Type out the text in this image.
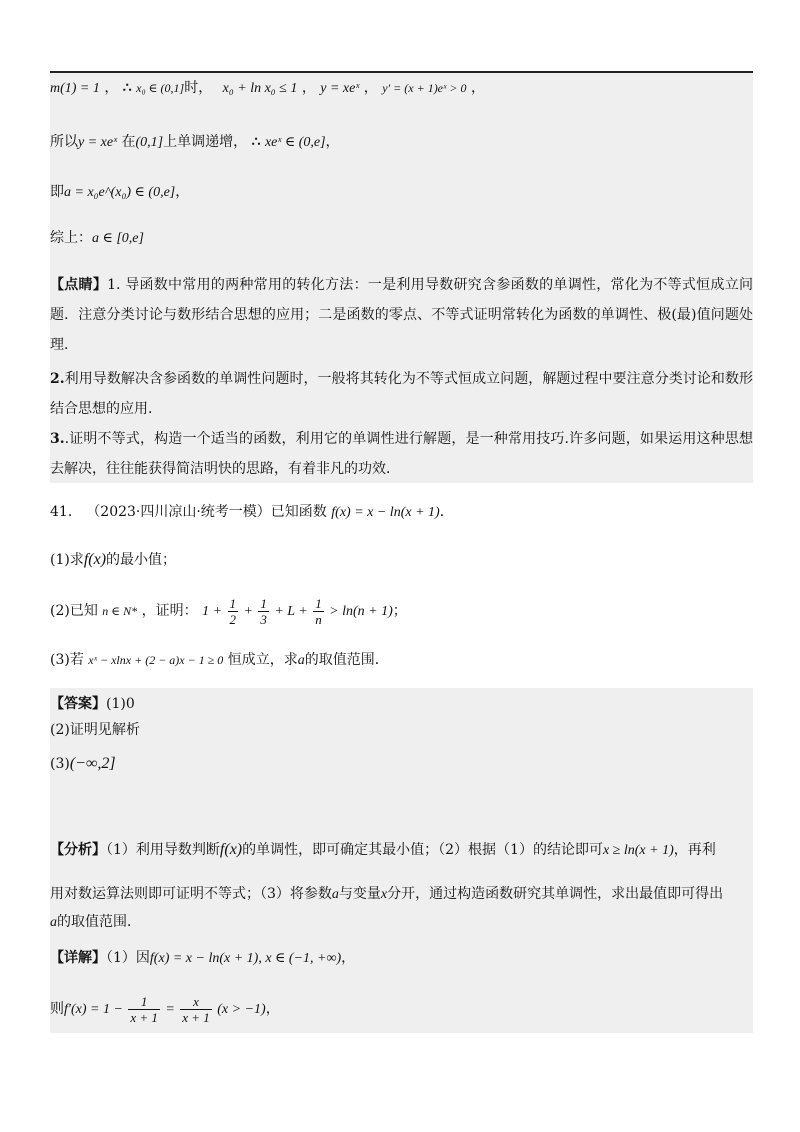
m(1) = 1 ， ∴ x₀ ∈ (0,1]时， x₀ + ln x₀ ≤ 1 ， y = xeˣ ， y′ = (x + 1)eˣ > 0 ，
所以y = xeˣ 在(0,1]上单调递增， ∴ xeˣ ∈ (0,e]，
即a = x₀e^(x₀) ∈ (0,e]，
综上：a ∈ [0,e]
【点睛】1. 导函数中常用的两种常用的转化方法：一是利用导数研究含参函数的单调性，常化为不等式恒成立问题．注意分类讨论与数形结合思想的应用；二是函数的零点、不等式证明常转化为函数的单调性、极(最)值问题处理．
2.利用导数解决含参函数的单调性问题时，一般将其转化为不等式恒成立问题，解题过程中要注意分类讨论和数形结合思想的应用．
3..证明不等式，构造一个适当的函数，利用它的单调性进行解题，是一种常用技巧.许多问题，如果运用这种思想去解决，往往能获得简洁明快的思路，有着非凡的功效．
41． （2023·四川凉山·统考一模）已知函数 f(x) = x − ln(x + 1)．
(1)求f(x)的最小值；
(2)已知 n ∈ N* ，证明： $1 + \frac{1}{2} + \frac{1}{3} + L + \frac{1}{n} > \ln(n + 1)$；
(3)若 xˣ − xlnx + (2 − a)x − 1 ≥ 0 恒成立，求a的取值范围．
【答案】(1)0
(2)证明见解析
(3)(−∞,2]
【分析】（1）利用导数判断f(x)的单调性，即可确定其最小值；（2）根据（1）的结论即可x ≥ ln(x + 1)，再利
用对数运算法则即可证明不等式；（3）将参数a与变量x分开，通过构造函数研究其单调性，求出最值即可得出
a的取值范围．
【详解】（1）因f(x) = x − ln(x + 1), x ∈ (−1, +∞)，
则$f'(x) = 1 - \frac{1}{x + 1} = \frac{x}{x + 1} (x > -1)$，
